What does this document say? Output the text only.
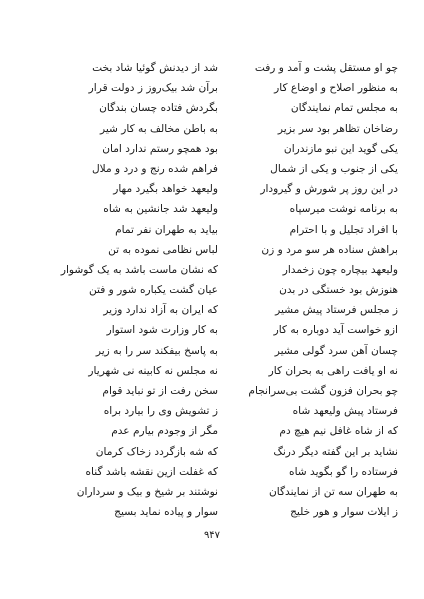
چو او مستقل پشت و آمد و رفت
به منظور اصلاح و اوضاع کار
به مجلس تمام نمایندگان
رضاخان تظاهر بود سر بزیر
یکی گوید این نبو مازندران
یکی از جنوب و یکی از شمال
در این روز پر شورش و گیرودار
به برنامه نوشت میرسپاه
با افراد تجلیل و با احترام
براهش سناده هر سو مرد و زن
ولیعهد بیچاره چون زخمدار
هنوزش بود خستگی در بدن
ز مجلس فرستاد پیش مشیر
ازو خواست آید دوباره به کار
چسان آهن سرد گولی مشیر
نه او یافت راهی به بحران کار
چو بحران فزون گشت بی‌سرانجام
فرستاد پیش ولیعهد شاه
که از شاه غافل نیم هیچ دم
نشاید بر این گفته دیگر درنگ
فرستاده را گو بگوید شاه
به طهران سه تن از نمایندگان
ز ایلات سوار و هور خلیج
شد از دیدنش گوئیا شاد بخت
برآن شد بیک‌روز ز دولت قرار
بگردش فتاده چسان بندگان
به باطن مخالف به کار شیر
بود همچو رستم ندارد امان
فراهم شده رنج و درد و ملال
ولیعهد خواهد بگیرد مهار
ولیعهد شد جانشین به شاه
بیاید به طهران نفر تمام
لباس نظامی نموده به تن
که نشان ماست باشد به یک گوشوار
عیان گشت یکباره شور و فتن
که ایران به آزاد ندارد وزیر
به کار وزارت شود استوار
به پاسخ بیفکند سر را به زیر
نه مجلس نه کابینه نی شهریار
سخن رفت از تو نباید قوام
ز تشویش وی را بیارد براه
مگر از وجودم بیارم عدم
که شه بازگردد زخاک کرمان
که غفلت ازین نقشه باشد گناه
نوشتند بر شیخ و بیک و سرداران
سوار و پیاده نماید بسیج
۹۴۷
